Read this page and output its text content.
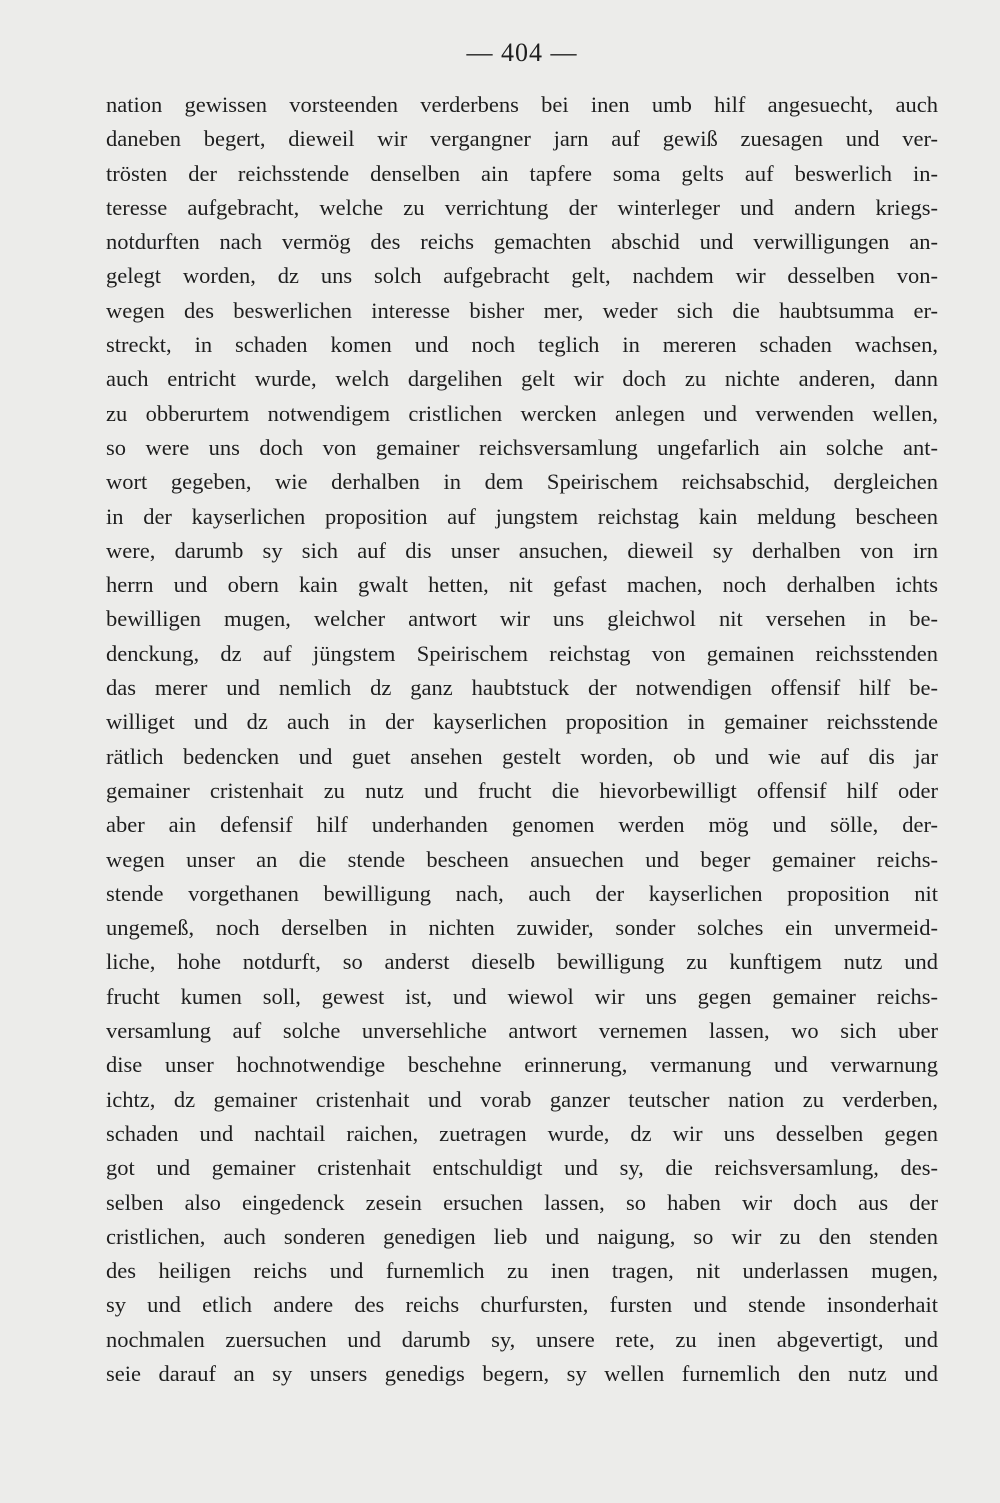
— 404 —
nation gewissen vorsteenden verderbens bei inen umb hilf angesuecht, auch
daneben begert, dieweil wir vergangner jarn auf gewiß zuesagen und ver-
trösten der reichsstende denselben ain tapfere soma gelts auf beswerlich in-
teresse aufgebracht, welche zu verrichtung der winterleger und andern kriegs-
notdurften nach vermög des reichs gemachten abschid und verwilligungen an-
gelegt worden, dz uns solch aufgebracht gelt, nachdem wir desselben von-
wegen des beswerlichen interesse bisher mer, weder sich die haubtsumma er-
streckt, in schaden komen und noch teglich in mereren schaden wachsen,
auch entricht wurde, welch dargelihen gelt wir doch zu nichte anderen, dann
zu obberurtem notwendigem cristlichen wercken anlegen und verwenden wellen,
so were uns doch von gemainer reichsversamlung ungefarlich ain solche ant-
wort gegeben, wie derhalben in dem Speirischem reichsabschid, dergleichen
in der kayserlichen proposition auf jungstem reichstag kain meldung bescheen
were, darumb sy sich auf dis unser ansuchen, dieweil sy derhalben von irn
herrn und obern kain gwalt hetten, nit gefast machen, noch derhalben ichts
bewilligen mugen, welcher antwort wir uns gleichwol nit versehen in be-
denckung, dz auf jüngstem Speirischem reichstag von gemainen reichsstenden
das merer und nemlich dz ganz haubtstuck der notwendigen offensif hilf be-
williget und dz auch in der kayserlichen proposition in gemainer reichsstende
rätlich bedencken und guet ansehen gestelt worden, ob und wie auf dis jar
gemainer cristenhait zu nutz und frucht die hievorbewilligt offensif hilf oder
aber ain defensif hilf underhanden genomen werden mög und sölle, der-
wegen unser an die stende bescheen ansuechen und beger gemainer reichs-
stende vorgethanen bewilligung nach, auch der kayserlichen proposition nit
ungemeß, noch derselben in nichten zuwider, sonder solches ein unvermeid-
liche, hohe notdurft, so anderst dieselb bewilligung zu kunftigem nutz und
frucht kumen soll, gewest ist, und wiewol wir uns gegen gemainer reichs-
versamlung auf solche unversehliche antwort vernemen lassen, wo sich uber
dise unser hochnotwendige beschehne erinnerung, vermanung und verwarnung
ichtz, dz gemainer cristenhait und vorab ganzer teutscher nation zu verderben,
schaden und nachtail raichen, zuetragen wurde, dz wir uns desselben gegen
got und gemainer cristenhait entschuldigt und sy, die reichsversamlung, des-
selben also eingedenck zesein ersuchen lassen, so haben wir doch aus der
cristlichen, auch sonderen genedigen lieb und naigung, so wir zu den stenden
des heiligen reichs und furnemlich zu inen tragen, nit underlassen mugen,
sy und etlich andere des reichs churfursten, fursten und stende insonderhait
nochmalen zuersuchen und darumb sy, unsere rete, zu inen abgevertigt, und
seie darauf an sy unsers genedigs begern, sy wellen furnemlich den nutz und
